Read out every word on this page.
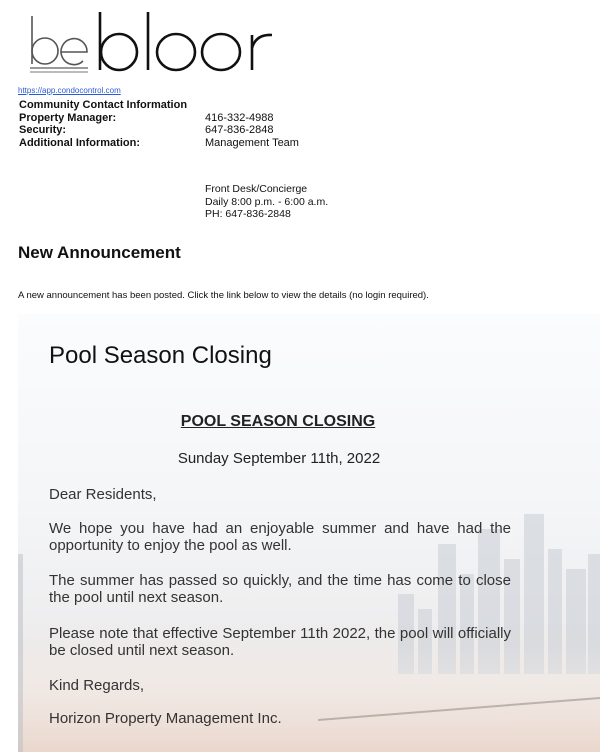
https://app.condocontrol.com
Community Contact Information
Property Manager:	416-332-4988
Security:	647-836-2848
Additional Information:	Management Team
Front Desk/Concierge
Daily 8:00 p.m. - 6:00 a.m.
PH: 647-836-2848
New Announcement
A new announcement has been posted. Click the link below to view the details (no login required).
Pool Season Closing
POOL SEASON CLOSING
Sunday September 11th, 2022
Dear Residents,
We hope you have had an enjoyable summer and have had the opportunity to enjoy the pool as well.
The summer has passed so quickly, and the time has come to close the pool until next season.
Please note that effective September 11th 2022, the pool will officially be closed until next season.
Kind Regards,
Horizon Property Management Inc.
